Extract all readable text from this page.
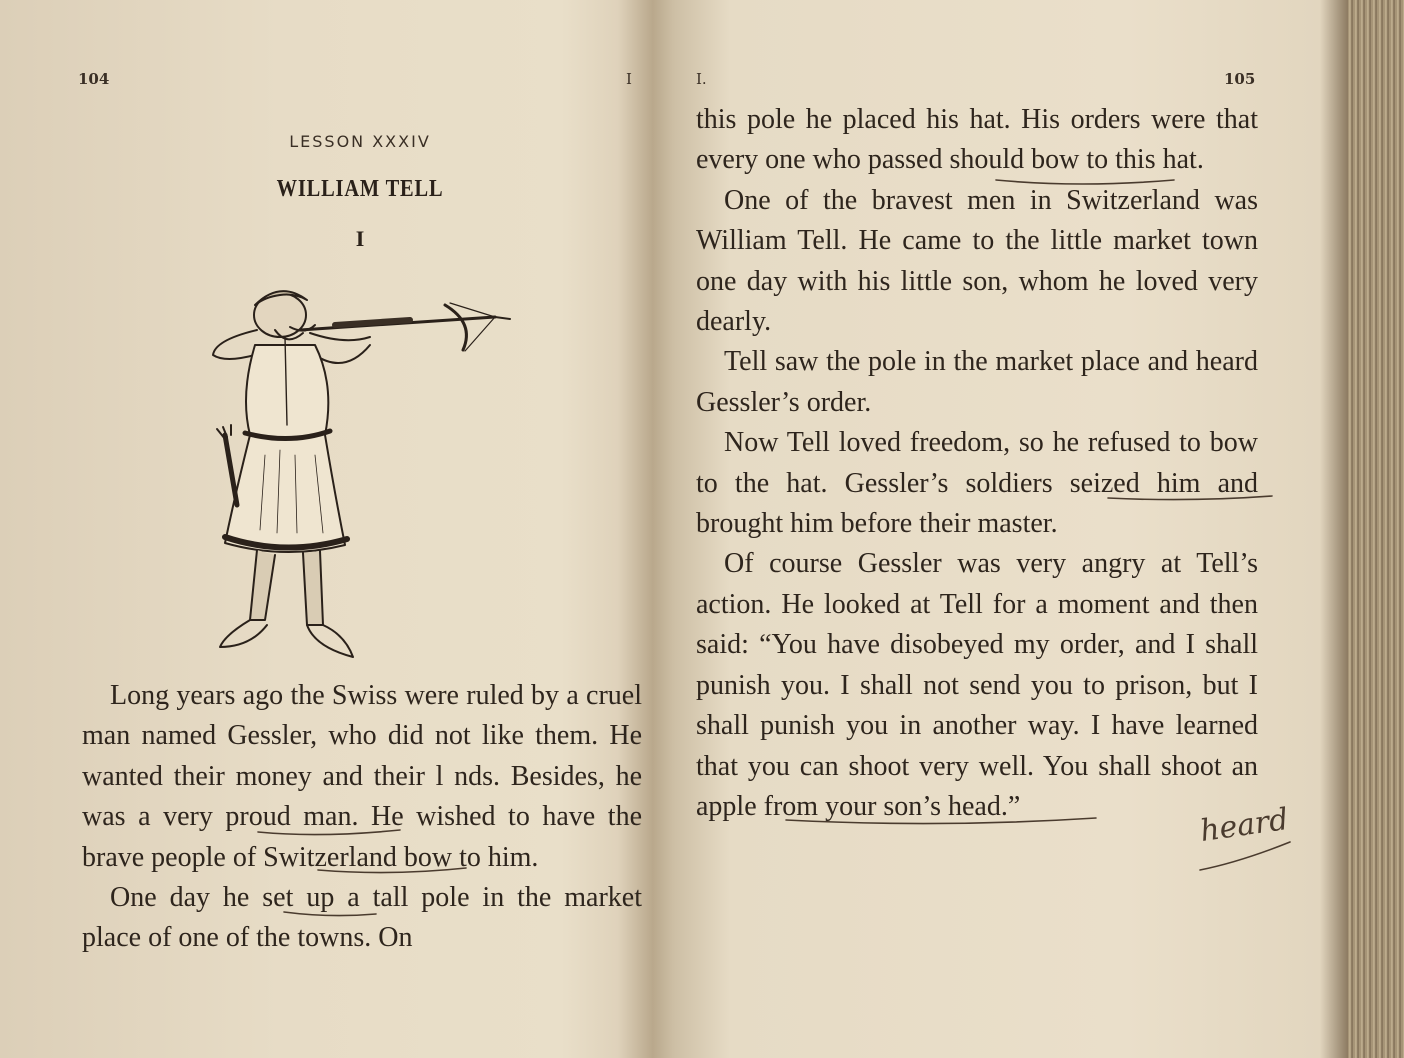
104	I
LESSON XXXIV
WILLIAM TELL
I

Long years ago the Swiss were ruled by a cruel man named Gessler, who did not like them. He wanted their money and their l nds. Besides, he was a very proud man. He wished to have the brave people of Switzerland bow to him.

One day he set up a tall pole in the market place of one of the towns. On

I.	105

this pole he placed his hat. His orders were that every one who passed should bow to this hat.

One of the bravest men in Switzerland was William Tell. He came to the little market town one day with his little son, whom he loved very dearly.

Tell saw the pole in the market place and heard Gessler’s order.

Now Tell loved freedom, so he refused to bow to the hat. Gessler’s soldiers seized him and brought him before their master.

Of course Gessler was very angry at Tell’s action. He looked at Tell for a moment and then said: “You have disobeyed my order, and I shall punish you. I shall not send you to prison, but I shall punish you in another way. I have learned that you can shoot very well. You shall shoot an apple from your son’s head.”	heard
